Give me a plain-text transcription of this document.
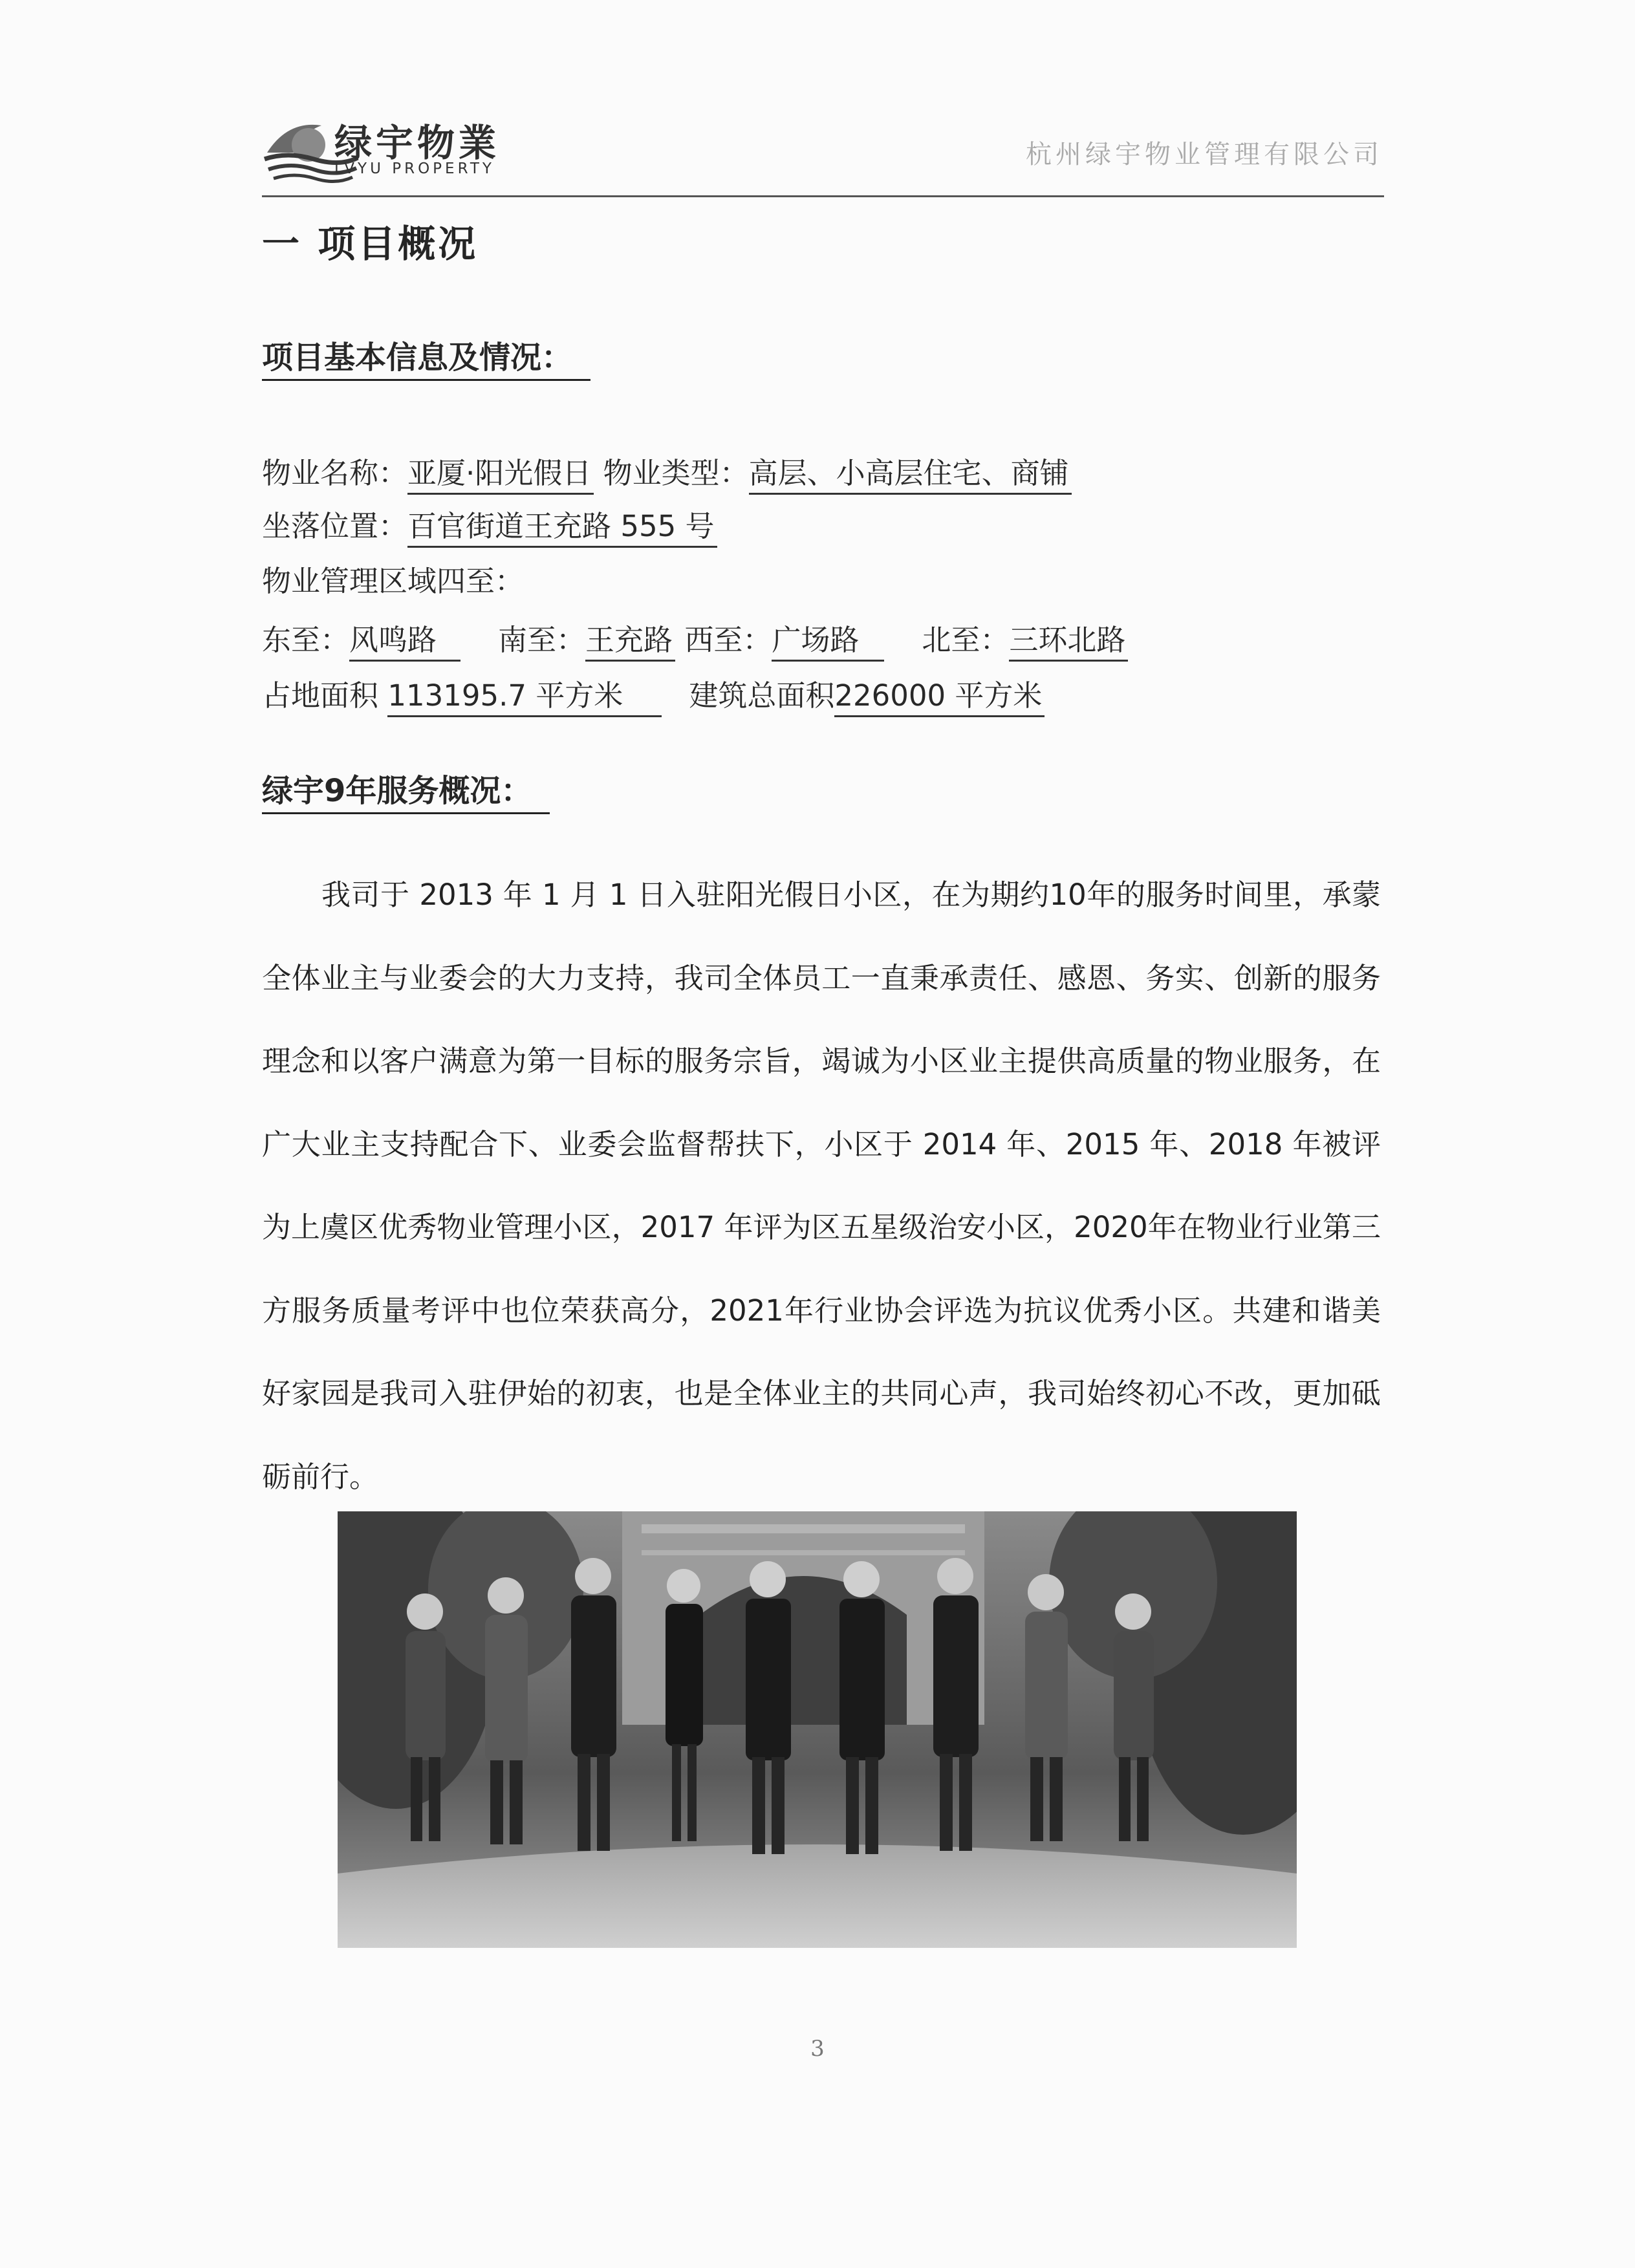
绿宇物業
LVYU PROPERTY	杭州绿宇物业管理有限公司
一 项目概况
项目基本信息及情况：
物业名称：亚厦·阳光假日 物业类型：高层、小高层住宅、商铺
坐落位置：百官街道王充路 555 号
物业管理区域四至：
东至：风鸣路 南至：王充路 西至：广场路 北至：三环北路
占地面积 113195.7 平方米 建筑总面积226000 平方米
绿宇9年服务概况：

我司于 2013 年 1 月 1 日入驻阳光假日小区，在为期约10年的服务时间里，承蒙全体业主与业委会的大力支持，我司全体员工一直秉承责任、感恩、务实、创新的服务理念和以客户满意为第一目标的服务宗旨，竭诚为小区业主提供高质量的物业服务，在广大业主支持配合下、业委会监督帮扶下，小区于 2014 年、2015 年、2018 年被评为上虞区优秀物业管理小区，2017 年评为区五星级治安小区，2020年在物业行业第三方服务质量考评中也位荣获高分，2021年行业协会评选为抗议优秀小区。共建和谐美好家园是我司入驻伊始的初衷，也是全体业主的共同心声，我司始终初心不改，更加砥砺前行。

3
